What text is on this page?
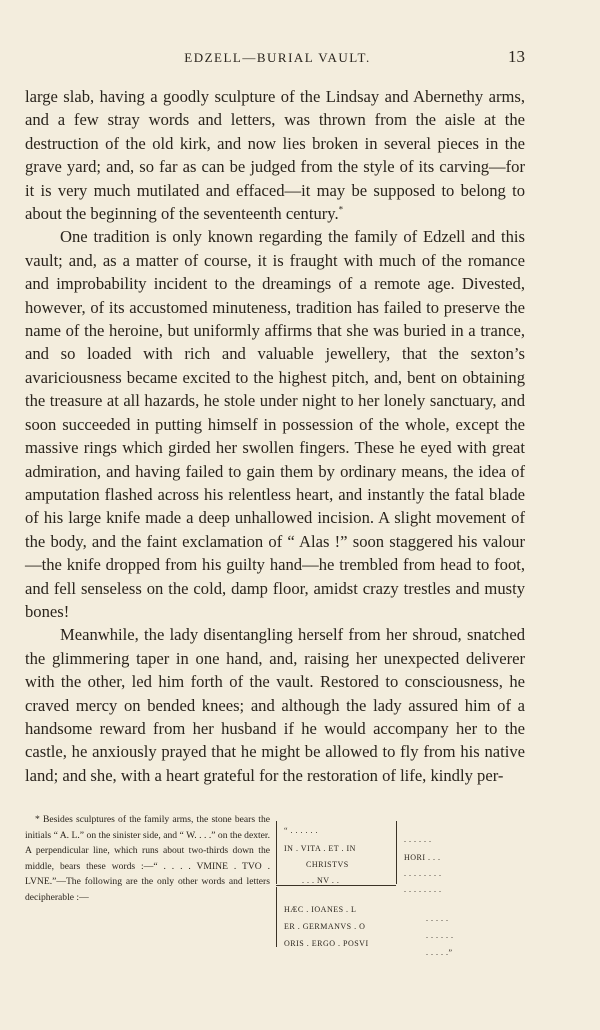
EDZELL—BURIAL VAULT.	13

large slab, having a goodly sculpture of the Lindsay and Abernethy arms, and a few stray words and letters, was thrown from the aisle at the destruction of the old kirk, and now lies broken in several pieces in the grave yard; and, so far as can be judged from the style of its carving—for it is very much mutilated and effaced—it may be supposed to belong to about the beginning of the seventeenth century.*

One tradition is only known regarding the family of Edzell and this vault; and, as a matter of course, it is fraught with much of the romance and improbability incident to the dreamings of a remote age. Divested, however, of its accustomed minuteness, tradition has failed to preserve the name of the heroine, but uniformly affirms that she was buried in a trance, and so loaded with rich and valuable jewellery, that the sexton’s avariciousness became excited to the highest pitch, and, bent on obtaining the treasure at all hazards, he stole under night to her lonely sanctuary, and soon succeeded in putting himself in possession of the whole, except the massive rings which girded her swollen fingers. These he eyed with great admiration, and having failed to gain them by ordinary means, the idea of amputation flashed across his relentless heart, and instantly the fatal blade of his large knife made a deep unhallowed incision. A slight movement of the body, and the faint exclamation of “ Alas !” soon staggered his valour—the knife dropped from his guilty hand—he trembled from head to foot, and fell senseless on the cold, damp floor, amidst crazy trestles and musty bones!

Meanwhile, the lady disentangling herself from her shroud, snatched the glimmering taper in one hand, and, raising her unexpected deliverer with the other, led him forth of the vault. Restored to consciousness, he craved mercy on bended knees; and although the lady assured him of a handsome reward from her husband if he would accompany her to the castle, he anxiously prayed that he might be allowed to fly from his native land; and she, with a heart grateful for the restoration of life, kindly per-

* Besides sculptures of the family arms, the stone bears the initials “ A. L.” on the sinister side, and “ W. . . .” on the dexter. A perpendicular line, which runs about two-thirds down the middle, bears these words :—“ . . . . VMINE . TVO . LVNE.”—The following are the only other words and letters decipherable :—

“ . . . . . .

. . . . . .

IN . VITA . ET . IN

HORI . . .

CHRISTVS

. . . . . . . .

. . . NV . .

. . . . . . . .

HÆC . IOANES . L

. . . . .

ER . GERMANVS . O

. . . . . .

ORIS . ERGO . POSVI

. . . . .”
